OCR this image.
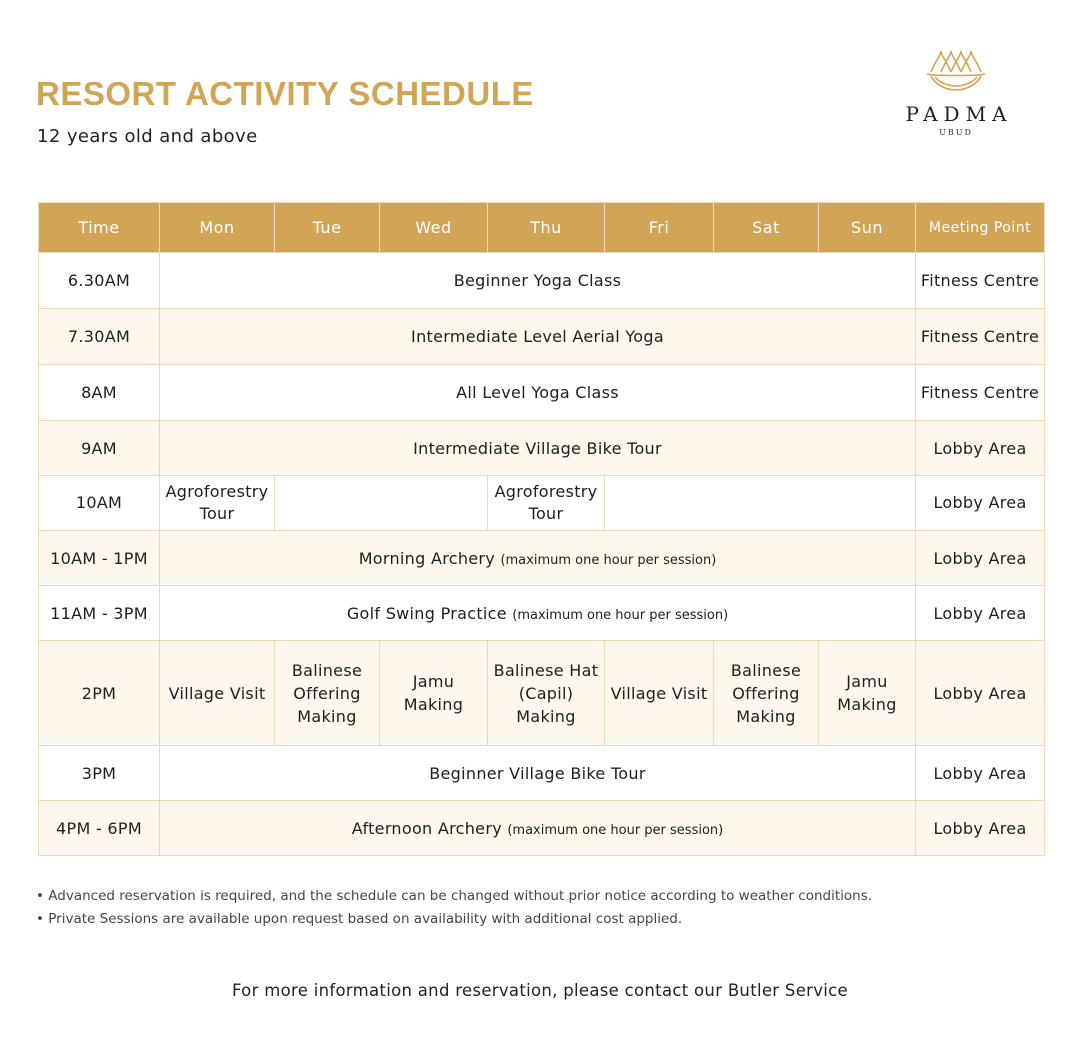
RESORT ACTIVITY SCHEDULE
12 years old and above
PADMA
UBUD
Time	Mon	Tue	Wed	Thu	Fri	Sat	Sun	Meeting Point
6.30AM	Beginner Yoga Class							Fitness Centre
7.30AM	Intermediate Level Aerial Yoga							Fitness Centre
8AM	All Level Yoga Class							Fitness Centre
9AM	Intermediate Village Bike Tour							Lobby Area
10AM	Agroforestry Tour			Agroforestry Tour				Lobby Area
10AM - 1PM	Morning Archery (maximum one hour per session)							Lobby Area
11AM - 3PM	Golf Swing Practice (maximum one hour per session)							Lobby Area
2PM	Village Visit	Balinese Offering Making	Jamu Making	Balinese Hat (Capil) Making	Village Visit	Balinese Offering Making	Jamu Making	Lobby Area
3PM	Beginner Village Bike Tour							Lobby Area
4PM - 6PM	Afternoon Archery (maximum one hour per session)							Lobby Area
• Advanced reservation is required, and the schedule can be changed without prior notice according to weather conditions.
• Private Sessions are available upon request based on availability with additional cost applied.
For more information and reservation, please contact our Butler Service
